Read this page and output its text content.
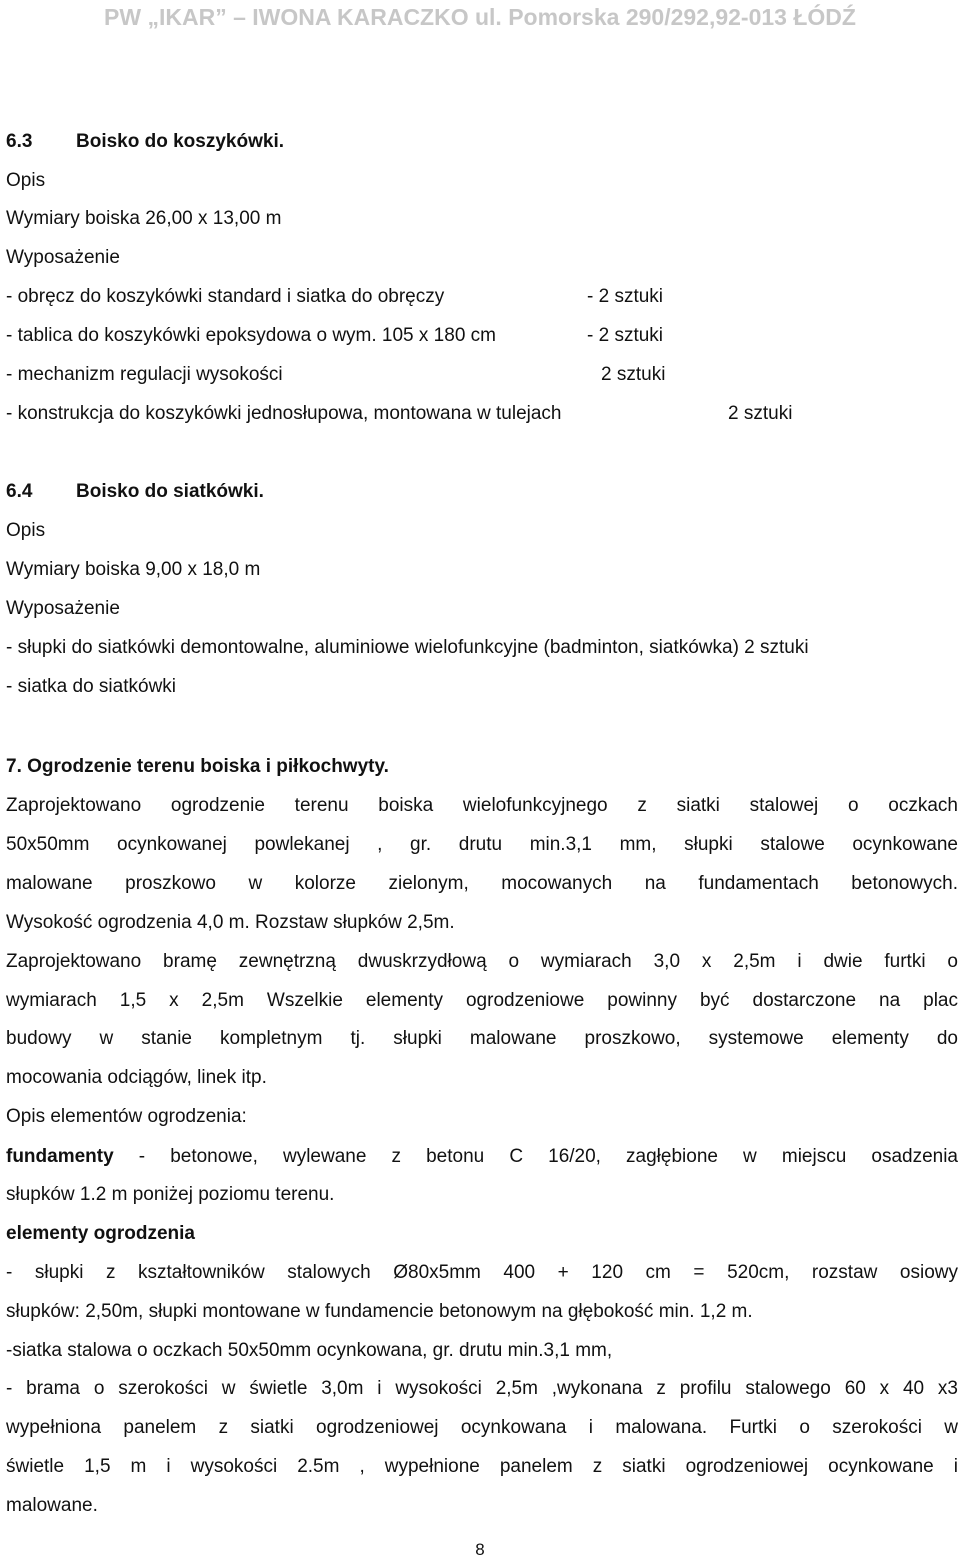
PW „IKAR” – IWONA KARACZKO ul. Pomorska 290/292,92-013 ŁÓDŹ
6.3 Boisko do koszykówki.
Opis
Wymiary boiska 26,00 x 13,00 m
Wyposażenie
- obręcz do koszykówki standard i siatka do obręczy	- 2 sztuki
- tablica do koszykówki epoksydowa o wym. 105 x 180 cm	- 2 sztuki
- mechanizm regulacji wysokości	2 sztuki
- konstrukcja do koszykówki jednosłupowa, montowana w tulejach	2 sztuki
6.4 Boisko do siatkówki.
Opis
Wymiary boiska 9,00 x 18,0 m
Wyposażenie
- słupki do siatkówki demontowalne, aluminiowe wielofunkcyjne (badminton, siatkówka) 2 sztuki
- siatka do siatkówki
7. Ogrodzenie terenu boiska i piłkochwyty.
Zaprojektowano ogrodzenie terenu boiska wielofunkcyjnego z siatki stalowej o oczkach
50x50mm ocynkowanej powlekanej , gr. drutu min.3,1 mm, słupki stalowe ocynkowane
malowane proszkowo w kolorze zielonym, mocowanych na fundamentach betonowych.
Wysokość ogrodzenia 4,0 m. Rozstaw słupków 2,5m.
Zaprojektowano bramę zewnętrzną dwuskrzydłową o wymiarach 3,0 x 2,5m i dwie furtki o
wymiarach 1,5 x 2,5m Wszelkie elementy ogrodzeniowe powinny być dostarczone na plac
budowy w stanie kompletnym tj. słupki malowane proszkowo, systemowe elementy do
mocowania odciągów, linek itp.
Opis elementów ogrodzenia:
fundamenty - betonowe, wylewane z betonu C 16/20, zagłębione w miejscu osadzenia
słupków 1.2 m poniżej poziomu terenu.
elementy ogrodzenia
- słupki z kształtowników stalowych Ø80x5mm 400 + 120 cm = 520cm, rozstaw osiowy
słupków: 2,50m, słupki montowane w fundamencie betonowym na głębokość min. 1,2 m.
-siatka stalowa o oczkach 50x50mm ocynkowana, gr. drutu min.3,1 mm,
- brama o szerokości w świetle 3,0m i wysokości 2,5m ,wykonana z profilu stalowego 60 x 40 x3
wypełniona panelem z siatki ogrodzeniowej ocynkowana i malowana. Furtki o szerokości w
świetle 1,5 m i wysokości 2.5m , wypełnione panelem z siatki ogrodzeniowej ocynkowane i
malowane.
8
